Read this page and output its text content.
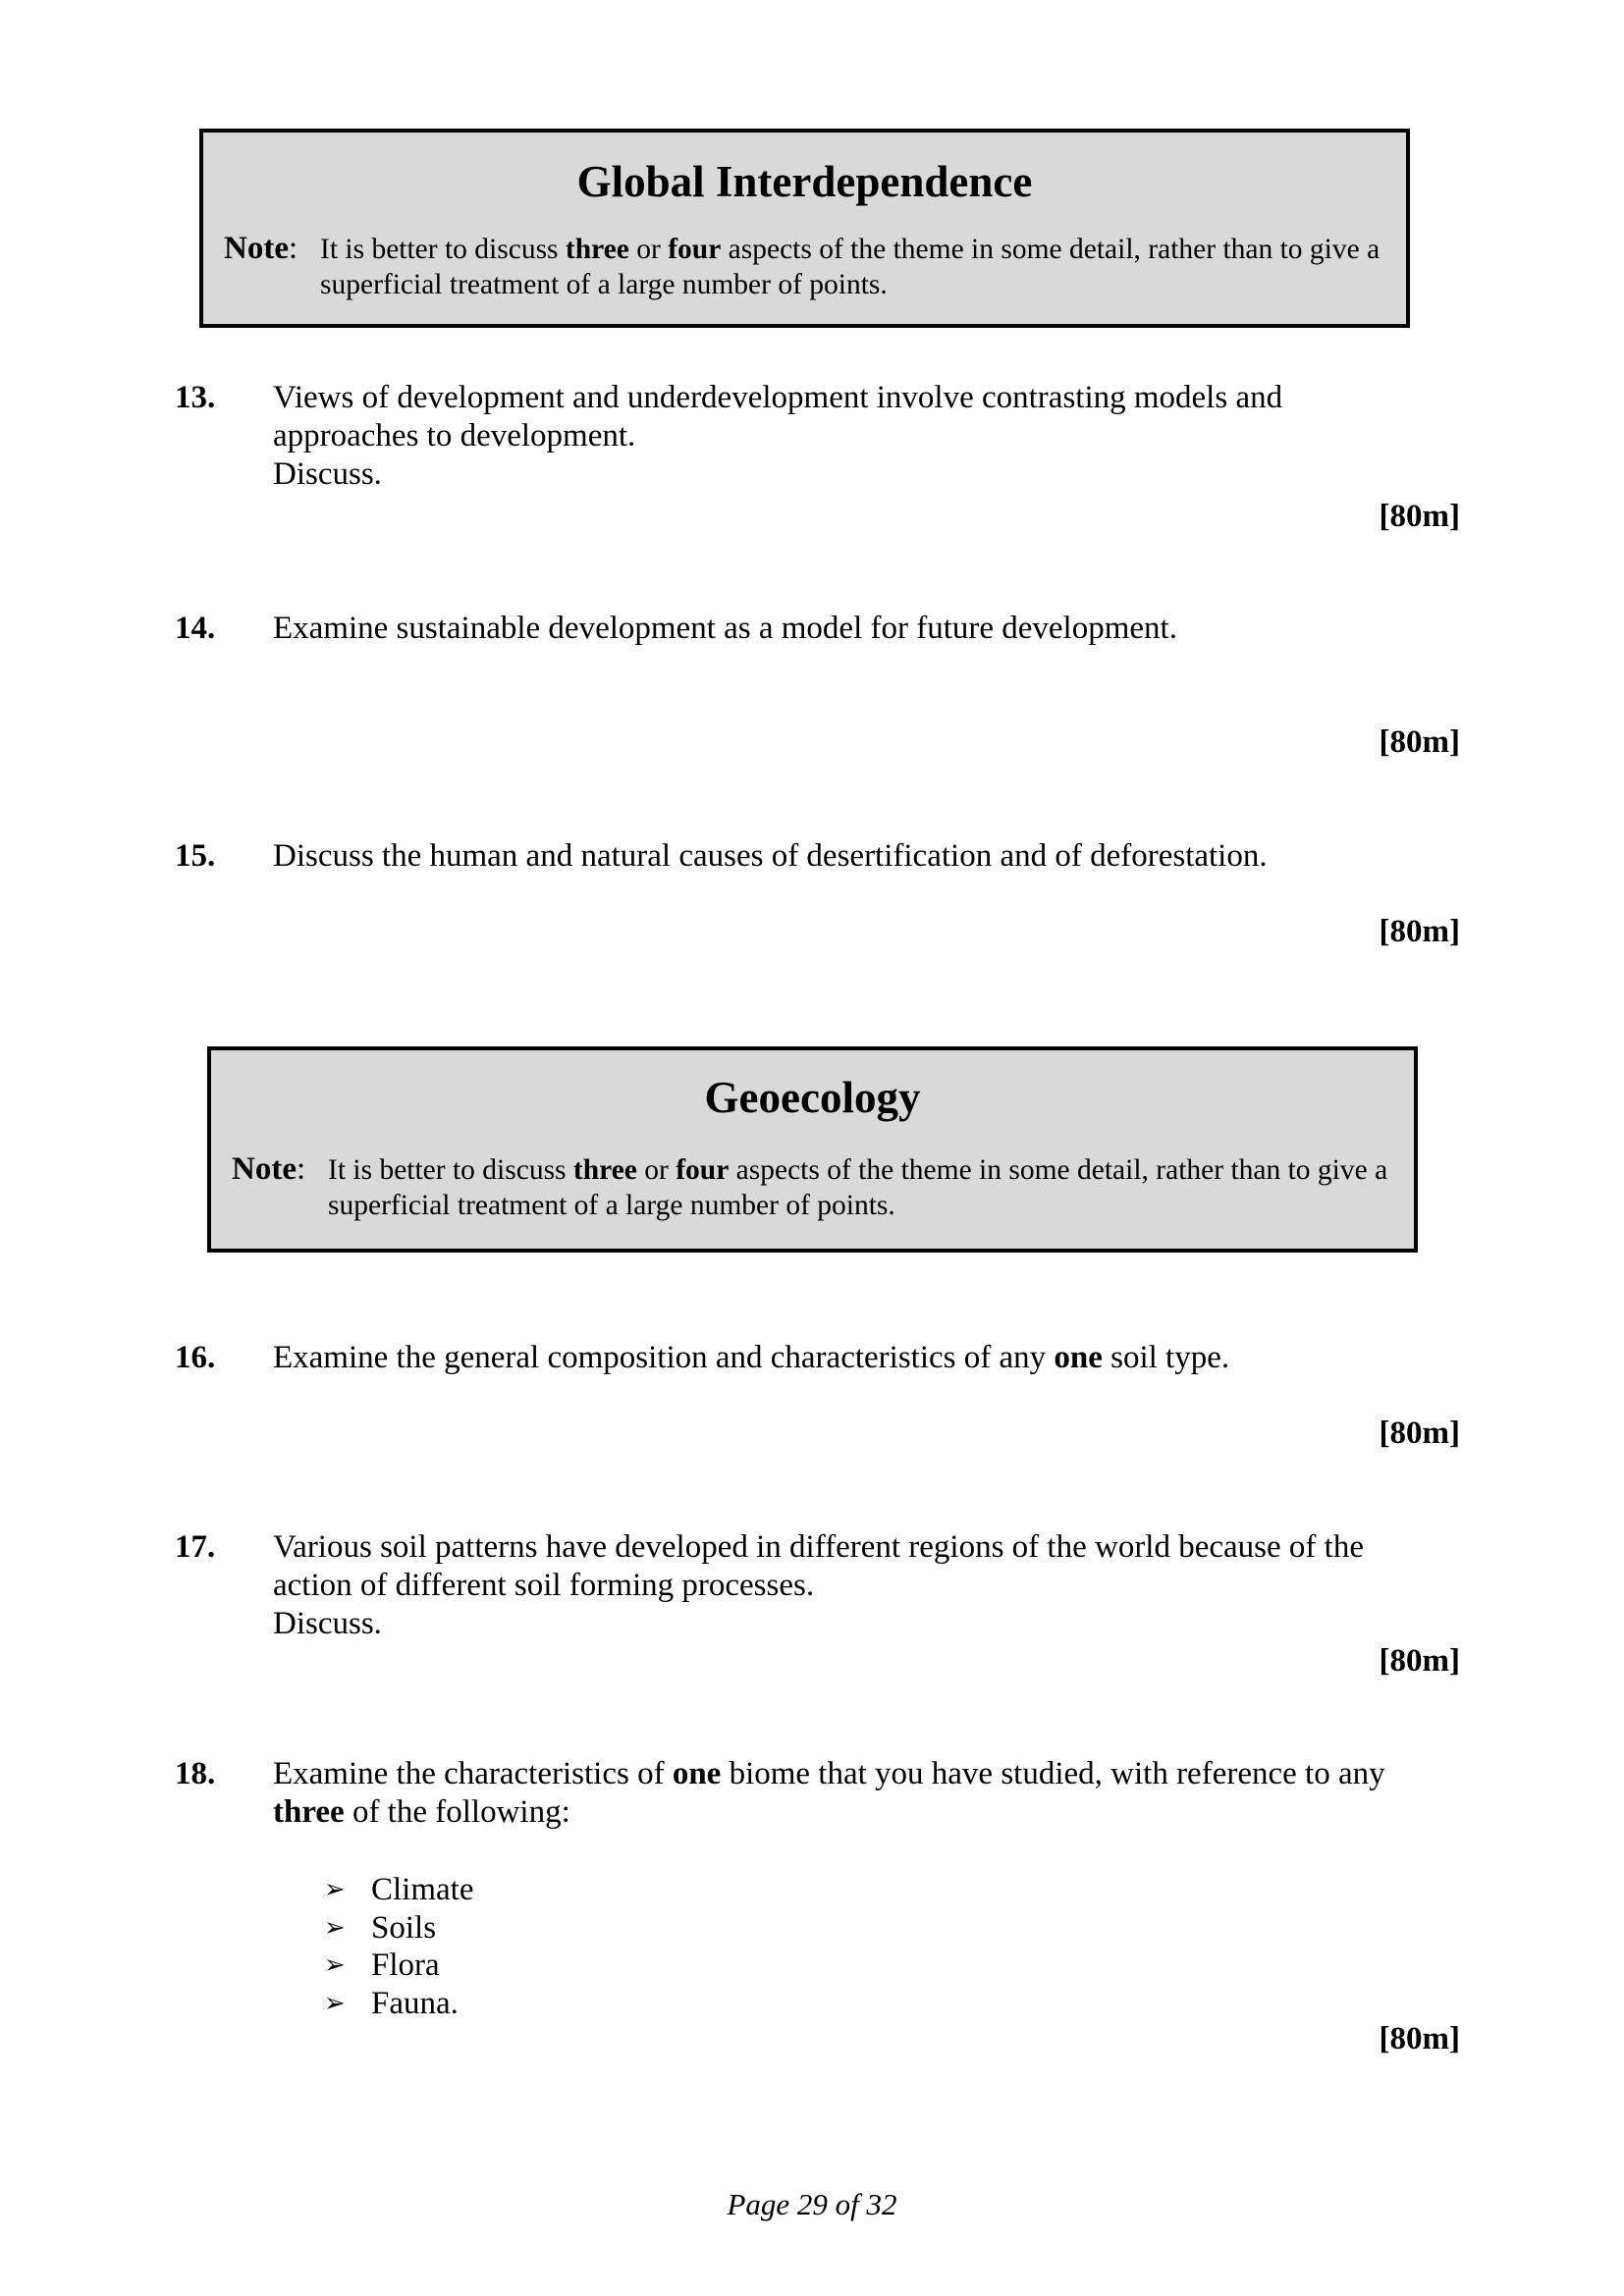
Global Interdependence
Note: It is better to discuss three or four aspects of the theme in some detail, rather than to give a superficial treatment of a large number of points.
13. Views of development and underdevelopment involve contrasting models and
approaches to development.
Discuss.
[80m]
14. Examine sustainable development as a model for future development.
[80m]
15. Discuss the human and natural causes of desertification and of deforestation.
[80m]
Geoecology
Note: It is better to discuss three or four aspects of the theme in some detail, rather than to give a superficial treatment of a large number of points.
16. Examine the general composition and characteristics of any one soil type.
[80m]
17. Various soil patterns have developed in different regions of the world because of the
action of different soil forming processes.
Discuss.
[80m]
18. Examine the characteristics of one biome that you have studied, with reference to any
three of the following:
➢ Climate
➢ Soils
➢ Flora
➢ Fauna.
[80m]
Page 29 of 32
